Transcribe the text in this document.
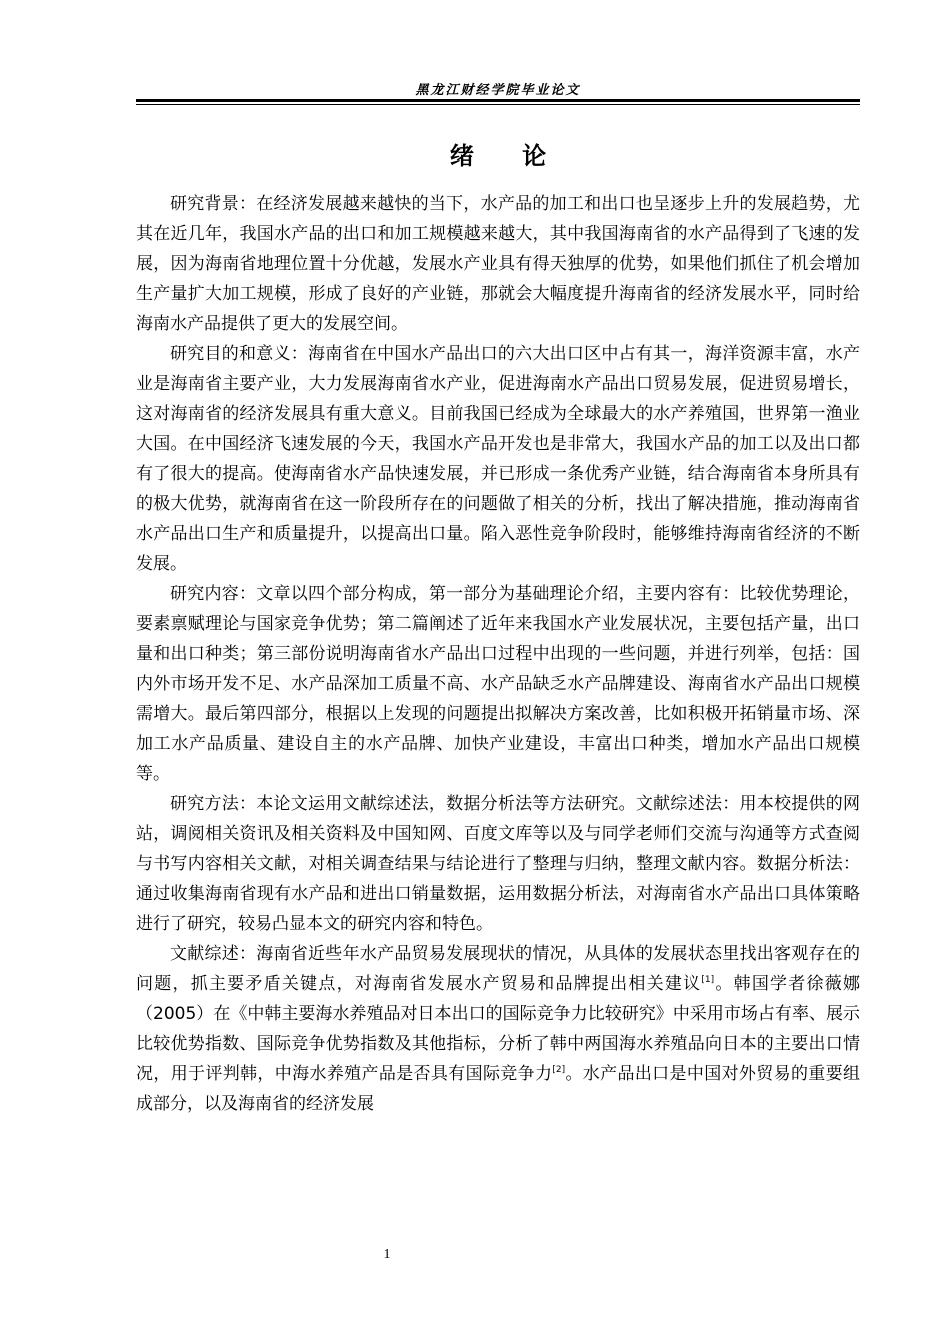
黑龙江财经学院毕业论文
绪 论

研究背景：在经济发展越来越快的当下，水产品的加工和出口也呈逐步上升的发展趋势，尤其在近几年，我国水产品的出口和加工规模越来越大，其中我国海南省的水产品得到了飞速的发展，因为海南省地理位置十分优越，发展水产业具有得天独厚的优势，如果他们抓住了机会增加生产量扩大加工规模，形成了良好的产业链，那就会大幅度提升海南省的经济发展水平，同时给海南水产品提供了更大的发展空间。

研究目的和意义：海南省在中国水产品出口的六大出口区中占有其一，海洋资源丰富，水产业是海南省主要产业，大力发展海南省水产业，促进海南水产品出口贸易发展，促进贸易增长，这对海南省的经济发展具有重大意义。目前我国已经成为全球最大的水产养殖国，世界第一渔业大国。在中国经济飞速发展的今天，我国水产品开发也是非常大，我国水产品的加工以及出口都有了很大的提高。使海南省水产品快速发展，并已形成一条优秀产业链，结合海南省本身所具有的极大优势，就海南省在这一阶段所存在的问题做了相关的分析，找出了解决措施，推动海南省水产品出口生产和质量提升，以提高出口量。陷入恶性竞争阶段时，能够维持海南省经济的不断发展。

研究内容：文章以四个部分构成，第一部分为基础理论介绍，主要内容有：比较优势理论，要素禀赋理论与国家竞争优势；第二篇阐述了近年来我国水产业发展状况，主要包括产量，出口量和出口种类；第三部份说明海南省水产品出口过程中出现的一些问题，并进行列举，包括：国内外市场开发不足、水产品深加工质量不高、水产品缺乏水产品牌建设、海南省水产品出口规模需增大。最后第四部分，根据以上发现的问题提出拟解决方案改善，比如积极开拓销量市场、深加工水产品质量、建设自主的水产品牌、加快产业建设，丰富出口种类，增加水产品出口规模等。

研究方法：本论文运用文献综述法，数据分析法等方法研究。文献综述法：用本校提供的网站，调阅相关资讯及相关资料及中国知网、百度文库等以及与同学老师们交流与沟通等方式查阅与书写内容相关文献，对相关调查结果与结论进行了整理与归纳，整理文献内容。数据分析法：通过收集海南省现有水产品和进出口销量数据，运用数据分析法，对海南省水产品出口具体策略进行了研究，较易凸显本文的研究内容和特色。

文献综述：海南省近些年水产品贸易发展现状的情况，从具体的发展状态里找出客观存在的问题，抓主要矛盾关键点，对海南省发展水产贸易和品牌提出相关建议[1]。韩国学者徐薇娜（2005）在《中韩主要海水养殖品对日本出口的国际竞争力比较研究》中采用市场占有率、展示比较优势指数、国际竞争优势指数及其他指标，分析了韩中两国海水养殖品向日本的主要出口情况，用于评判韩，中海水养殖产品是否具有国际竞争力[2]。水产品出口是中国对外贸易的重要组成部分，以及海南省的经济发展

1
